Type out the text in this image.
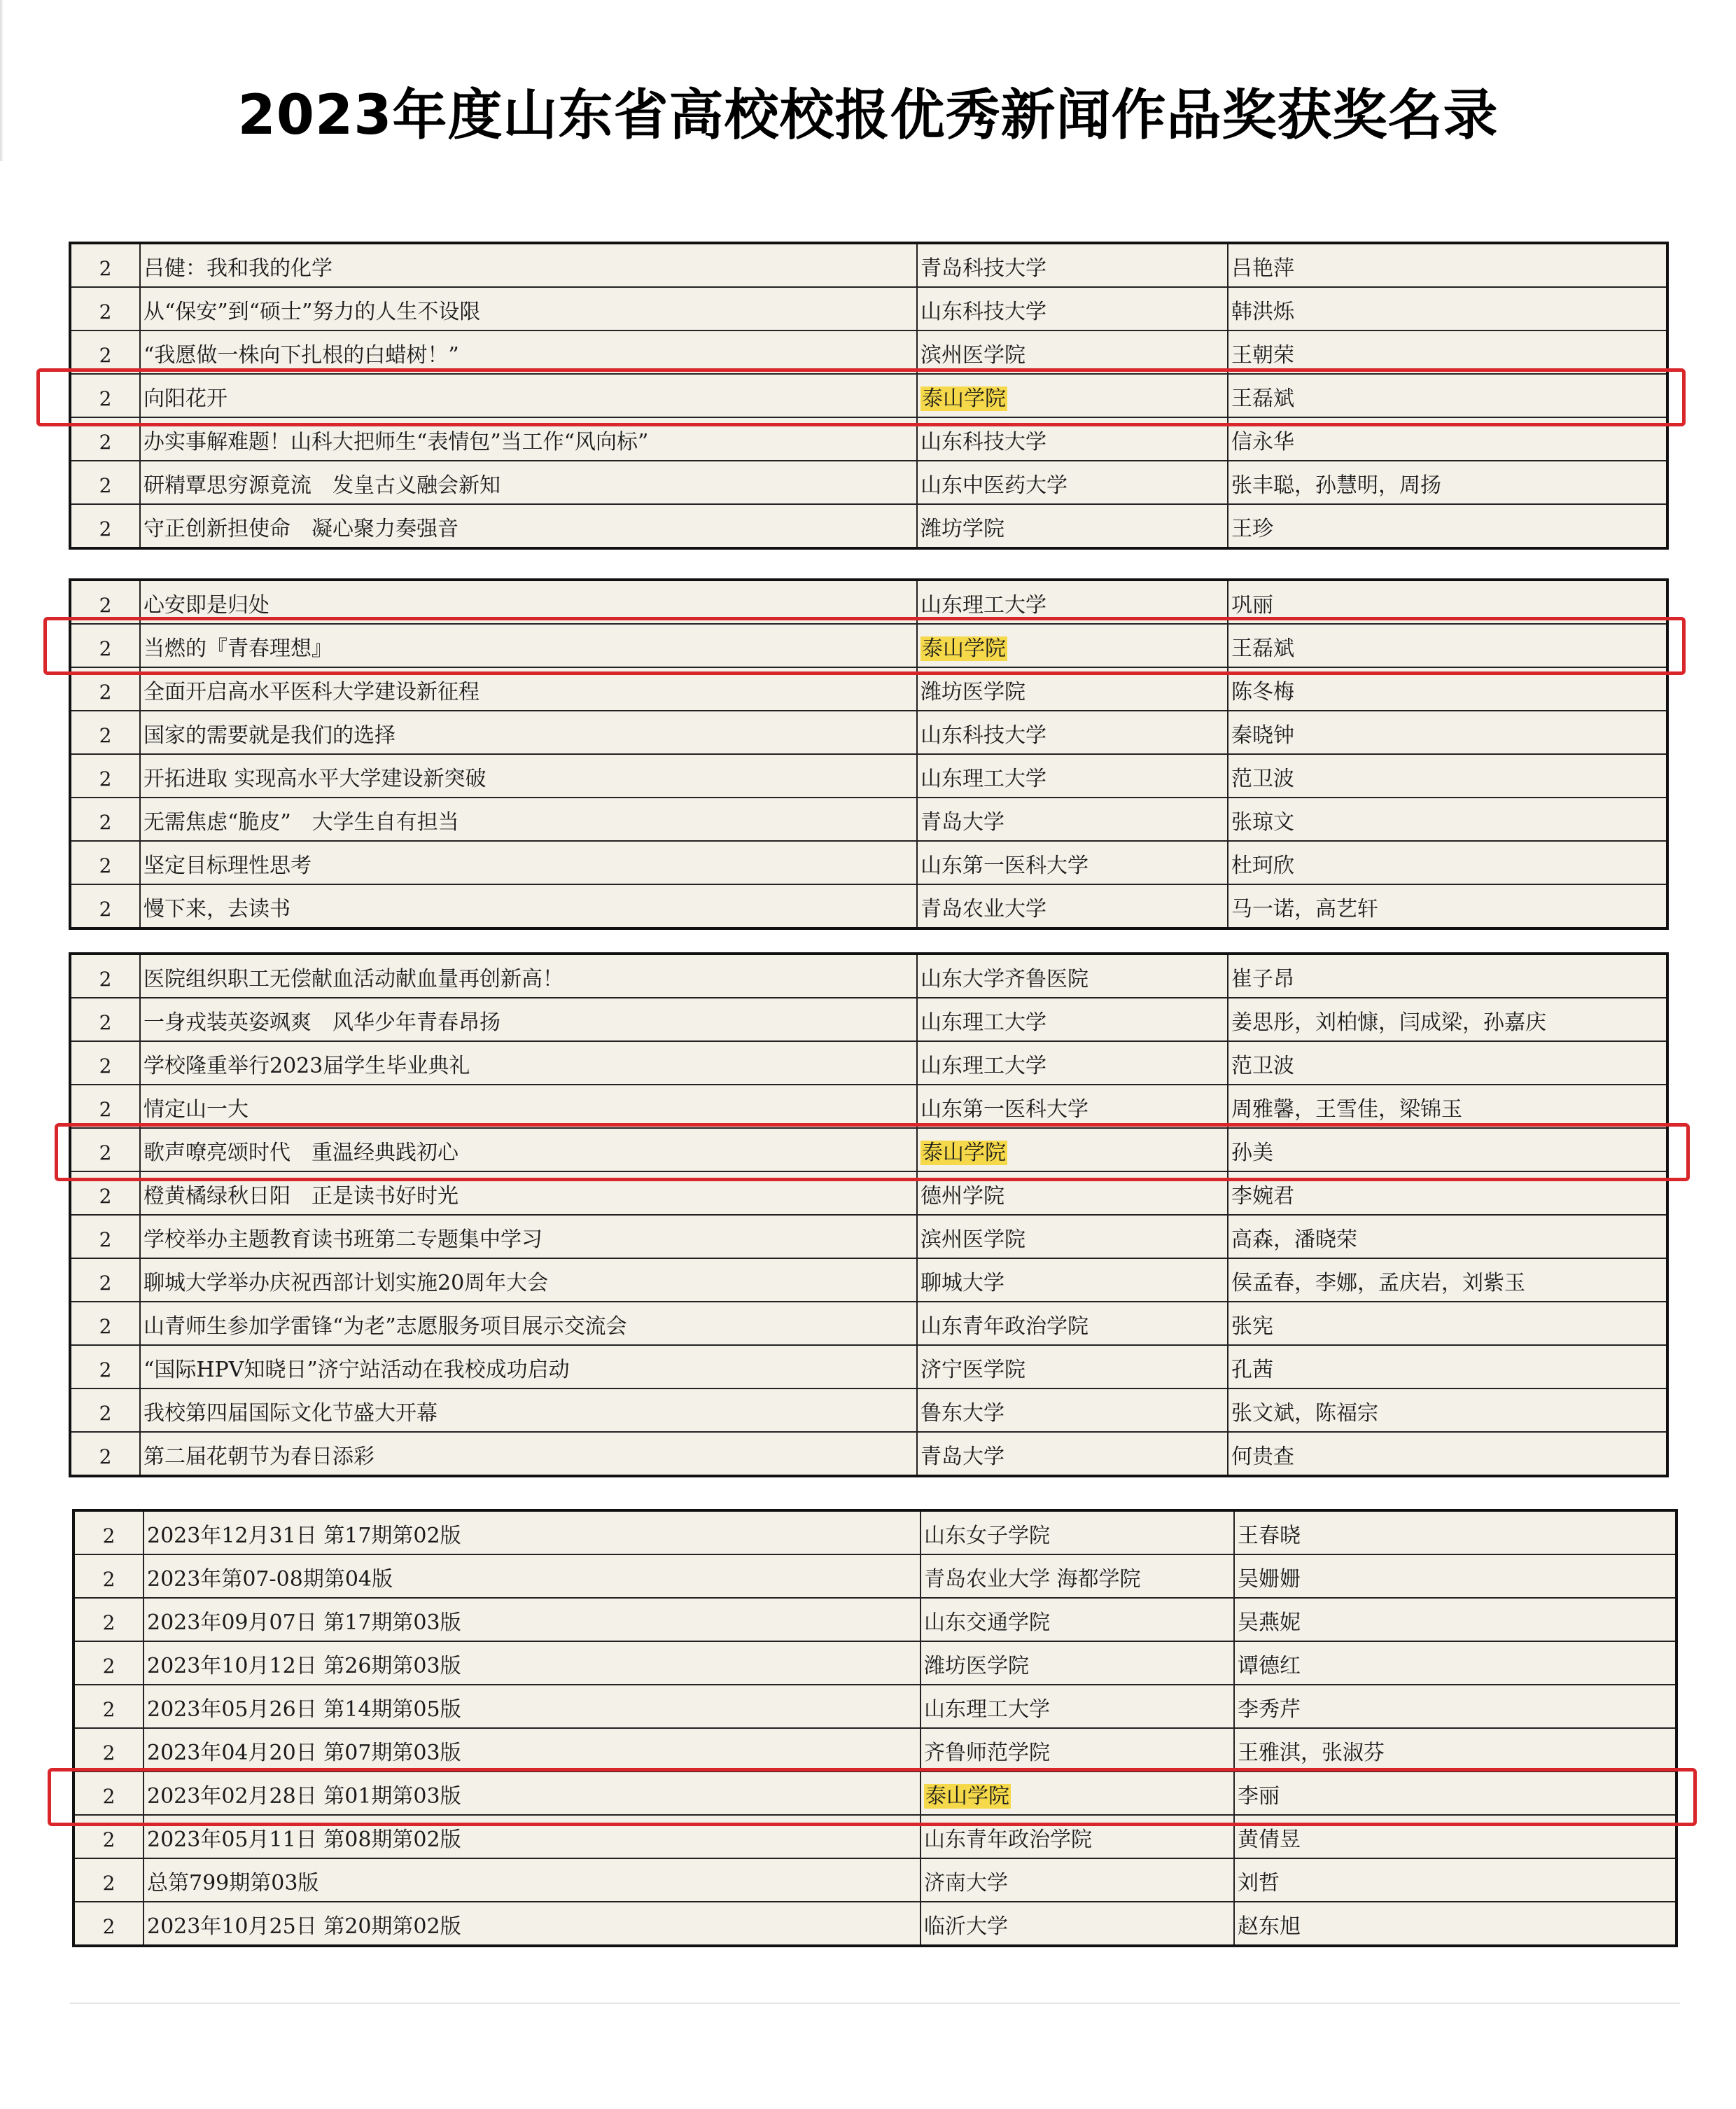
2023年度山东省高校校报优秀新闻作品奖获奖名录
2	吕健：我和我的化学	青岛科技大学	吕艳萍
2	从“保安”到“硕士”努力的人生不设限	山东科技大学	韩洪烁
2	“我愿做一株向下扎根的白蜡树！”	滨州医学院	王朝荣
2	向阳花开	泰山学院	王磊斌
2	办实事解难题！山科大把师生“表情包”当工作“风向标”	山东科技大学	信永华
2	研精覃思穷源竟流　发皇古义融会新知	山东中医药大学	张丰聪，孙慧明，周扬
2	守正创新担使命　凝心聚力奏强音	潍坊学院	王珍
2	心安即是归处	山东理工大学	巩丽
2	当燃的『青春理想』	泰山学院	王磊斌
2	全面开启高水平医科大学建设新征程	潍坊医学院	陈冬梅
2	国家的需要就是我们的选择	山东科技大学	秦晓钟
2	开拓进取 实现高水平大学建设新突破	山东理工大学	范卫波
2	无需焦虑“脆皮”　大学生自有担当	青岛大学	张琼文
2	坚定目标理性思考	山东第一医科大学	杜珂欣
2	慢下来，去读书	青岛农业大学	马一诺，高艺轩
2	医院组织职工无偿献血活动献血量再创新高！	山东大学齐鲁医院	崔子昂
2	一身戎装英姿飒爽　风华少年青春昂扬	山东理工大学	姜思彤，刘柏慷，闫成梁，孙嘉庆
2	学校隆重举行2023届学生毕业典礼	山东理工大学	范卫波
2	情定山一大	山东第一医科大学	周雅馨，王雪佳，梁锦玉
2	歌声嘹亮颂时代　重温经典践初心	泰山学院	孙美
2	橙黄橘绿秋日阳　正是读书好时光	德州学院	李婉君
2	学校举办主题教育读书班第二专题集中学习	滨州医学院	高森，潘晓荣
2	聊城大学举办庆祝西部计划实施20周年大会	聊城大学	侯孟春，李娜，孟庆岩，刘紫玉
2	山青师生参加学雷锋“为老”志愿服务项目展示交流会	山东青年政治学院	张宪
2	“国际HPV知晓日”济宁站活动在我校成功启动	济宁医学院	孔茜
2	我校第四届国际文化节盛大开幕	鲁东大学	张文斌，陈福宗
2	第二届花朝节为春日添彩	青岛大学	何贵查
2	2023年12月31日 第17期第02版	山东女子学院	王春晓
2	2023年第07-08期第04版	青岛农业大学 海都学院	吴姗姗
2	2023年09月07日 第17期第03版	山东交通学院	吴燕妮
2	2023年10月12日 第26期第03版	潍坊医学院	谭德红
2	2023年05月26日 第14期第05版	山东理工大学	李秀芹
2	2023年04月20日 第07期第03版	齐鲁师范学院	王雅淇，张淑芬
2	2023年02月28日 第01期第03版	泰山学院	李丽
2	2023年05月11日 第08期第02版	山东青年政治学院	黄倩昱
2	总第799期第03版	济南大学	刘哲
2	2023年10月25日 第20期第02版	临沂大学	赵东旭
